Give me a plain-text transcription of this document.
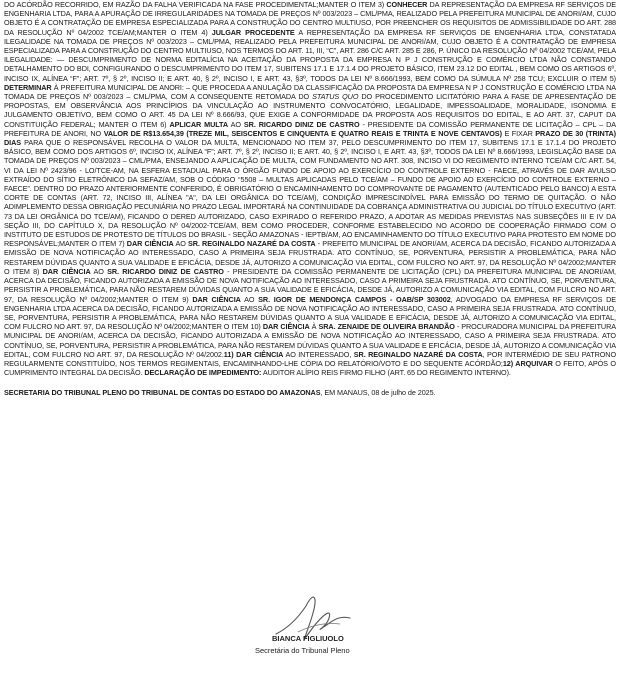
DO ACÓRDÃO RECORRIDO, EM RAZÃO DA FALHA VERIFICADA NA FASE PROCEDIMENTAL;MANTER O ITEM 3) CONHECER DA REPRESENTAÇÃO DA EMPRESA RF SERVIÇOS DE ENGENHARIA LTDA, PARA A APURAÇÃO DE IRREGULARIDADES NA TOMADA DE PREÇOS Nº 003/2023 – CML/PMA, REALIZADO PELA PREFEITURA MUNICIPAL DE ANORI/AM, CUJO OBJETO É A CONTRATAÇÃO DE EMPRESA ESPECIALIZADA PARA A CONSTRUÇÃO DO CENTRO MULTIUSO, POR PREENCHER OS REQUISITOS DE ADMISSIBILIDADE DO ART. 288 DA RESOLUÇÃO Nº 04/2002 TCE/AM;MANTER O ITEM 4) JULGAR PROCEDENTE A REPRESENTAÇÃO DA EMPRESA RF SERVIÇOS DE ENGENHARIA LTDA, CONSTATADA ILEGALIDADE NA TOMADA DE PREÇOS Nº 003/2023 – CML/PMA, REALIZADO PELA PREFEITURA MUNICIPAL DE ANORI/AM, CUJO OBJETO É A CONTRATAÇÃO DE EMPRESA ESPECIALIZADA PARA A CONSTRUÇÃO DO CENTRO MULTIUSO, NOS TERMOS DO ART. 11, III, “C”, ART. 286 C/C ART. 285 E 286, P. ÚNICO DA RESOLUÇÃO Nº 04/2002 TCE/AM, PELA ILEGALIDADE: — DESCUMPRIMENTO DE NORMA EDITALÍCIA NA ACEITAÇÃO DA PROPOSTA DA EMPRESA N P J CONSTRUÇÃO E COMÉRCIO LTDA NÃO CONSTANDO DETALHAMENTO DO BDI, CONFIGURANDO O DESCUMPRIMENTO DO ITEM 17, SUBITENS 17.1 E 17.1.4 DO PROJETO BÁSICO, ITEM 23.12 DO EDITAL , BEM COMO OS ARTIGOS 6º, INCISO IX, ALÍNEA “F”; ART. 7º, § 2º, INCISO II; E ART. 40, § 2º, INCISO I, E ART. 43, §3º, TODOS DA LEI Nº 8.666/1993, BEM COMO DA SÚMULA Nº 258 TCU; EXCLUIR O ITEM 5) DETERMINAR À PREFEITURA MUNICIPAL DE ANORI: – QUE PROCEDA A ANULAÇÃO DA CLASSIFICAÇÃO DA PROPOSTA DA EMPRESA N P J CONSTRUÇÃO E COMÉRCIO LTDA NA TOMADA DE PREÇOS Nº 003/2023 – CML/PMA, COM A CONSEQUENTE RETOMADA DO STATUS QUO DO PROCEDIMENTO LICITATÓRIO PARA A FASE DE APRESENTAÇÃO DE PROPOSTAS, EM OBSERVÂNCIA AOS PRINCÍPIOS DA VINCULAÇÃO AO INSTRUMENTO CONVOCATÓRIO, LEGALIDADE, IMPESSOALIDADE, MORALIDADE, ISONOMIA E JULGAMENTO OBJETIVO, BEM COMO O ART. 45 DA LEI Nº 8.666/93, QUE EXIGE A CONFORMIDADE DA PROPOSTA AOS REQUISITOS DO EDITAL, E AO ART. 37, CAPUT DA CONSTITUIÇÃO FEDERAL; MANTER O ITEM 6) APLICAR MULTA AO SR. RICARDO DINIZ DE CASTRO - PRESIDENTE DA COMISSÃO PERMANENTE DE LICITAÇÃO – CPL – DA PREFEITURA DE ANORI, NO VALOR DE R$13.654,39 (TREZE MIL, SEISCENTOS E CINQUENTA E QUATRO REAIS E TRINTA E NOVE CENTAVOS) E FIXAR PRAZO DE 30 (TRINTA) DIAS PARA QUE O RESPONSÁVEL RECOLHA O VALOR DA MULTA, MENCIONADO NO ITEM 37, PELO DESCUMPRIMENTO DO ITEM 17, SUBITENS 17.1 E 17.1.4 DO PROJETO BÁSICO, BEM COMO DOS ARTIGOS 6º, INCISO IX, ALÍNEA “F”; ART. 7º, § 2º, INCISO II; E ART. 40, § 2º, INCISO I, E ART. 43, §3º, TODOS DA LEI Nº 8.666/1993, LEGISLAÇÃO BASE DA TOMADA DE PREÇOS Nº 003/2023 – CML/PMA, ENSEJANDO A APLICAÇÃO DE MULTA, COM FUNDAMENTO NO ART. 308, INCISO VI DO REGIMENTO INTERNO TCE/AM C/C ART. 54, VI DA LEI Nº 2423/96 - LO/TCE-AM, NA ESFERA ESTADUAL PARA O ÓRGÃO FUNDO DE APOIO AO EXERCÍCIO DO CONTROLE EXTERNO - FAECE, ATRAVÉS DE DAR AVULSO EXTRAÍDO DO SÍTIO ELETRÔNICO DA SEFAZ/AM, SOB O CÓDIGO “5508 – MULTAS APLICADAS PELO TCE/AM – FUNDO DE APOIO AO EXERCÍCIO DO CONTROLE EXTERNO – FAECE”. DENTRO DO PRAZO ANTERIORMENTE CONFERIDO, É OBRIGATÓRIO O ENCAMINHAMENTO DO COMPROVANTE DE PAGAMENTO (AUTENTICADO PELO BANCO) A ESTA CORTE DE CONTAS (ART. 72, INCISO III, ALÍNEA "A", DA LEI ORGÂNICA DO TCE/AM), CONDIÇÃO IMPRESCINDÍVEL PARA EMISSÃO DO TERMO DE QUITAÇÃO. O NÃO ADIMPLEMENTO DESSA OBRIGAÇÃO PECUNIÁRIA NO PRAZO LEGAL IMPORTARÁ NA CONTINUIDADE DA COBRANÇA ADMINISTRATIVA OU JUDICIAL DO TÍTULO EXECUTIVO (ART. 73 DA LEI ORGÂNICA DO TCE/AM), FICANDO O DERED AUTORIZADO, CASO EXPIRADO O REFERIDO PRAZO, A ADOTAR AS MEDIDAS PREVISTAS NAS SUBSEÇÕES III E IV DA SEÇÃO III, DO CAPÍTULO X, DA RESOLUÇÃO Nº 04/2002-TCE/AM, BEM COMO PROCEDER, CONFORME ESTABELECIDO NO ACORDO DE COOPERAÇÃO FIRMADO COM O INSTITUTO DE ESTUDOS DE PROTESTO DE TÍTULOS DO BRASIL - SEÇÃO AMAZONAS - IEPTB/AM, AO ENCAMINHAMENTO DO TÍTULO EXECUTIVO PARA PROTESTO EM NOME DO RESPONSÁVEL;MANTER O ITEM 7) DAR CIÊNCIA AO SR. REGINALDO NAZARÉ DA COSTA - PREFEITO MUNICIPAL DE ANORI/AM, ACERCA DA DECISÃO, FICANDO AUTORIZADA A EMISSÃO DE NOVA NOTIFICAÇÃO AO INTERESSADO, CASO A PRIMEIRA SEJA FRUSTRADA. ATO CONTÍNUO, SE, PORVENTURA, PERSISTIR A PROBLEMÁTICA, PARA NÃO RESTAREM DÚVIDAS QUANTO A SUA VALIDADE E EFICÁCIA, DESDE JÁ, AUTORIZO A COMUNICAÇÃO VIA EDITAL, COM FULCRO NO ART. 97, DA RESOLUÇÃO Nº 04/2002;MANTER O ITEM 8) DAR CIÊNCIA AO SR. RICARDO DINIZ DE CASTRO - PRESIDENTE DA COMISSÃO PERMANENTE DE LICITAÇÃO (CPL) DA PREFEITURA MUNICIPAL DE ANORI/AM, ACERCA DA DECISÃO, FICANDO AUTORIZADA A EMISSÃO DE NOVA NOTIFICAÇÃO AO INTERESSADO, CASO A PRIMEIRA SEJA FRUSTRADA. ATO CONTÍNUO, SE, PORVENTURA, PERSISTIR A PROBLEMÁTICA, PARA NÃO RESTAREM DÚVIDAS QUANTO A SUA VALIDADE E EFICÁCIA, DESDE JÁ, AUTORIZO A COMUNICAÇÃO VIA EDITAL, COM FULCRO NO ART. 97, DA RESOLUÇÃO Nº 04/2002;MANTER O ITEM 9) DAR CIÊNCIA AO SR. IGOR DE MENDONÇA CAMPOS - OAB/SP 303002, ADVOGADO DA EMPRESA RF SERVIÇOS DE ENGENHARIA LTDA ACERCA DA DECISÃO, FICANDO AUTORIZADA A EMISSÃO DE NOVA NOTIFICAÇÃO AO INTERESSADO, CASO A PRIMEIRA SEJA FRUSTRADA. ATO CONTÍNUO, SE, PORVENTURA, PERSISTIR A PROBLEMÁTICA, PARA NÃO RESTAREM DÚVIDAS QUANTO A SUA VALIDADE E EFICÁCIA, DESDE JÁ, AUTORIZO A COMUNICAÇÃO VIA EDITAL, COM FULCRO NO ART. 97, DA RESOLUÇÃO Nº 04/2002;MANTER O ITEM 10) DAR CIÊNCIA À SRA. ZENAIDE DE OLIVEIRA BRANDÃO - PROCURADORA MUNICIPAL DA PREFEITURA MUNICIPAL DE ANORI/AM, ACERCA DA DECISÃO, FICANDO AUTORIZADA A EMISSÃO DE NOVA NOTIFICAÇÃO AO INTERESSADO, CASO A PRIMEIRA SEJA FRUSTRADA. ATO CONTÍNUO, SE, PORVENTURA, PERSISTIR A PROBLEMÁTICA, PARA NÃO RESTAREM DÚVIDAS QUANTO A SUA VALIDADE E EFICÁCIA, DESDE JÁ, AUTORIZO A COMUNICAÇÃO VIA EDITAL, COM FULCRO NO ART. 97, DA RESOLUÇÃO Nº 04/2002.11) DAR CIÊNCIA AO INTERESSADO, SR. REGINALDO NAZARÉ DA COSTA, POR INTERMÉDIO DE SEU PATRONO REGULARMENTE CONSTITUÍDO, NOS TERMOS REGIMENTAIS, ENCAMINHANDO-LHE CÓPIA DO RELATÓRIO/VOTO E DO SEQUENTE ACÓRDÃO;12) ARQUIVAR O FEITO, APÓS O CUMPRIMENTO INTEGRAL DA DECISÃO. DECLARAÇÃO DE IMPEDIMENTO: AUDITOR ALÍPIO REIS FIRMO FILHO (ART. 65 DO REGIMENTO INTERNO).

SECRETARIA DO TRIBUNAL PLENO DO TRIBUNAL DE CONTAS DO ESTADO DO AMAZONAS, EM MANAUS, 08 de julho de 2025.

BIANCA FIGLIUOLO
Secretária do Tribunal Pleno
